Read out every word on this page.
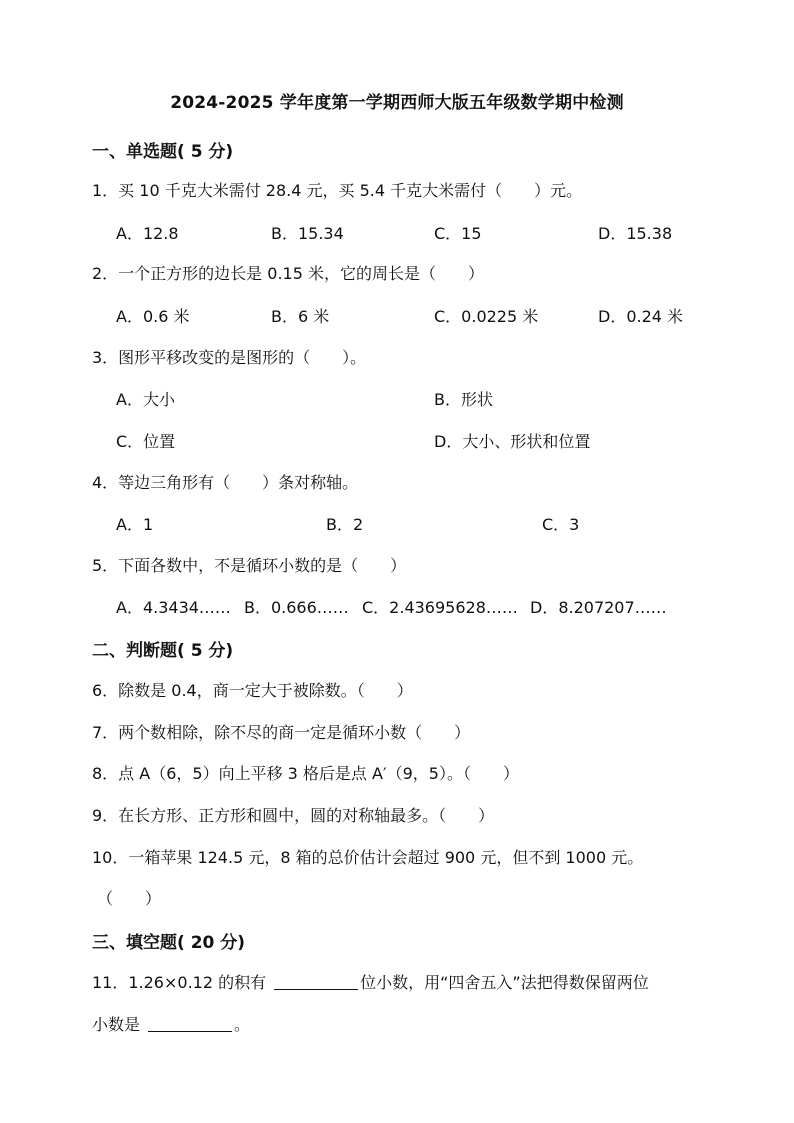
2024-2025 学年度第一学期西师大版五年级数学期中检测
一、单选题( 5 分)
1．买 10 千克大米需付 28.4 元，买 5.4 千克大米需付（　　）元。
A．12.8	B．15.34	C．15	D．15.38
2．一个正方形的边长是 0.15 米，它的周长是（　　）
A．0.6 米	B．6 米	C．0.0225 米	D．0.24 米
3．图形平移改变的是图形的（　　）。
A．大小	B．形状
C．位置	D．大小、形状和位置
4．等边三角形有（　　）条对称轴。
A．1	B．2	C．3
5．下面各数中，不是循环小数的是（　　）
A．4.3434…… B．0.666…… C．2.43695628…… D．8.207207……
二、判断题( 5 分)
6．除数是 0.4，商一定大于被除数。（　　）
7．两个数相除，除不尽的商一定是循环小数（　　）
8．点 A（6，5）向上平移 3 格后是点 A′（9，5）。（　　）
9．在长方形、正方形和圆中，圆的对称轴最多。（　　）
10．一箱苹果 124.5 元，8 箱的总价估计会超过 900 元，但不到 1000 元。
（　　）
三、填空题( 20 分)
11．1.26×0.12 的积有	位小数，用“四舍五入”法把得数保留两位
小数是	。
